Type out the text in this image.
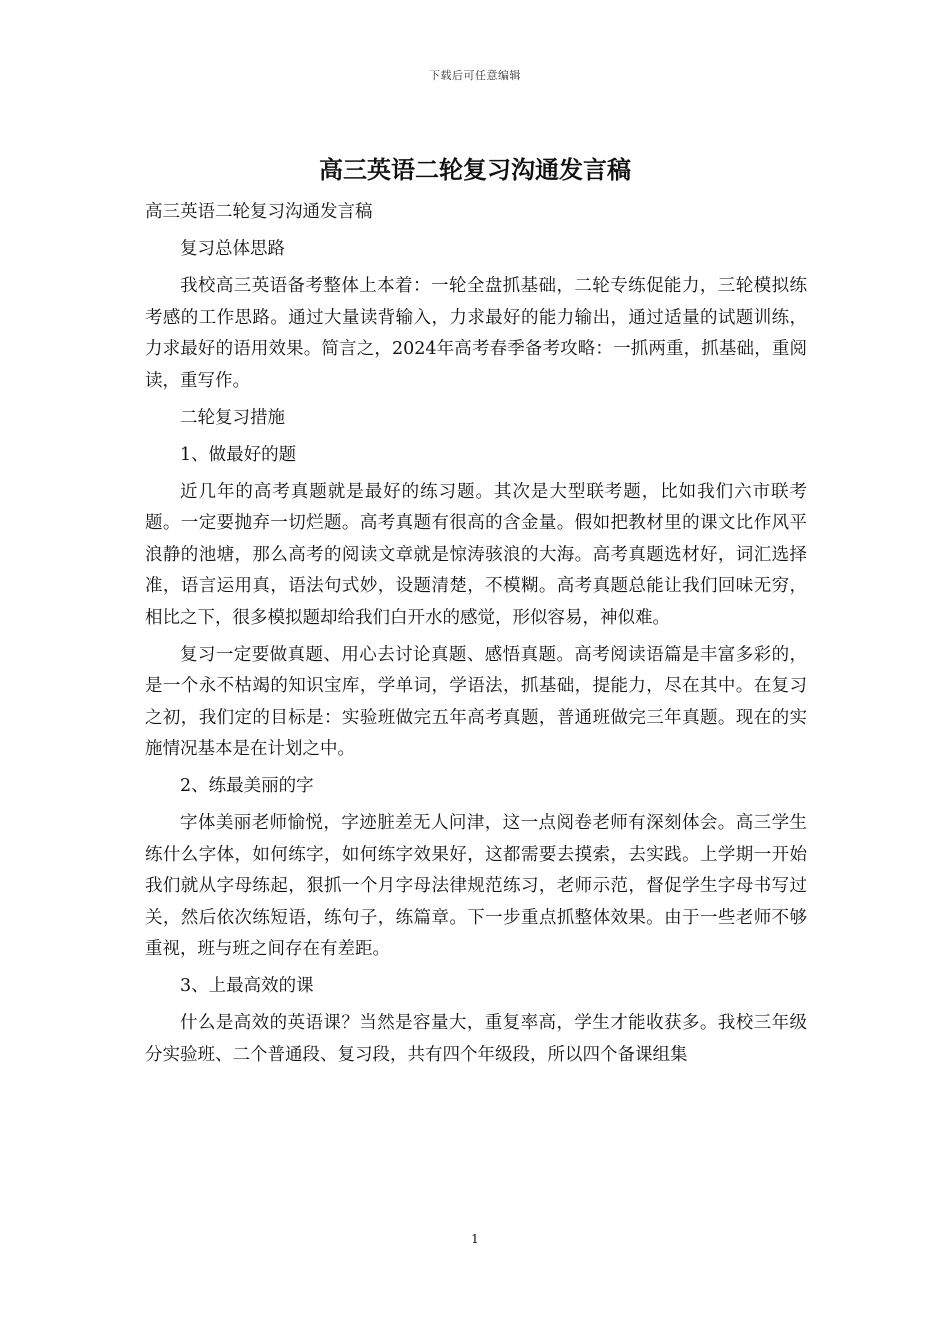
下载后可任意编辑
高三英语二轮复习沟通发言稿

高三英语二轮复习沟通发言稿

复习总体思路

我校高三英语备考整体上本着：一轮全盘抓基础，二轮专练促能力，三轮模拟练考感的工作思路。通过大量读背输入，力求最好的能力输出，通过适量的试题训练，力求最好的语用效果。简言之，2024年高考春季备考攻略：一抓两重，抓基础，重阅读，重写作。

二轮复习措施

1、做最好的题

近几年的高考真题就是最好的练习题。其次是大型联考题，比如我们六市联考题。一定要抛弃一切烂题。高考真题有很高的含金量。假如把教材里的课文比作风平浪静的池塘，那么高考的阅读文章就是惊涛骇浪的大海。高考真题选材好，词汇选择准，语言运用真，语法句式妙，设题清楚，不模糊。高考真题总能让我们回味无穷，相比之下，很多模拟题却给我们白开水的感觉，形似容易，神似难。

复习一定要做真题、用心去讨论真题、感悟真题。高考阅读语篇是丰富多彩的，是一个永不枯竭的知识宝库，学单词，学语法，抓基础，提能力，尽在其中。在复习之初，我们定的目标是：实验班做完五年高考真题，普通班做完三年真题。现在的实施情况基本是在计划之中。

2、练最美丽的字

字体美丽老师愉悦，字迹脏差无人问津，这一点阅卷老师有深刻体会。高三学生练什么字体，如何练字，如何练字效果好，这都需要去摸索，去实践。上学期一开始我们就从字母练起，狠抓一个月字母法律规范练习，老师示范，督促学生字母书写过关，然后依次练短语，练句子，练篇章。下一步重点抓整体效果。由于一些老师不够重视，班与班之间存在有差距。

3、上最高效的课

什么是高效的英语课？当然是容量大，重复率高，学生才能收获多。我校三年级分实验班、二个普通段、复习段，共有四个年级段，所以四个备课组集

1
